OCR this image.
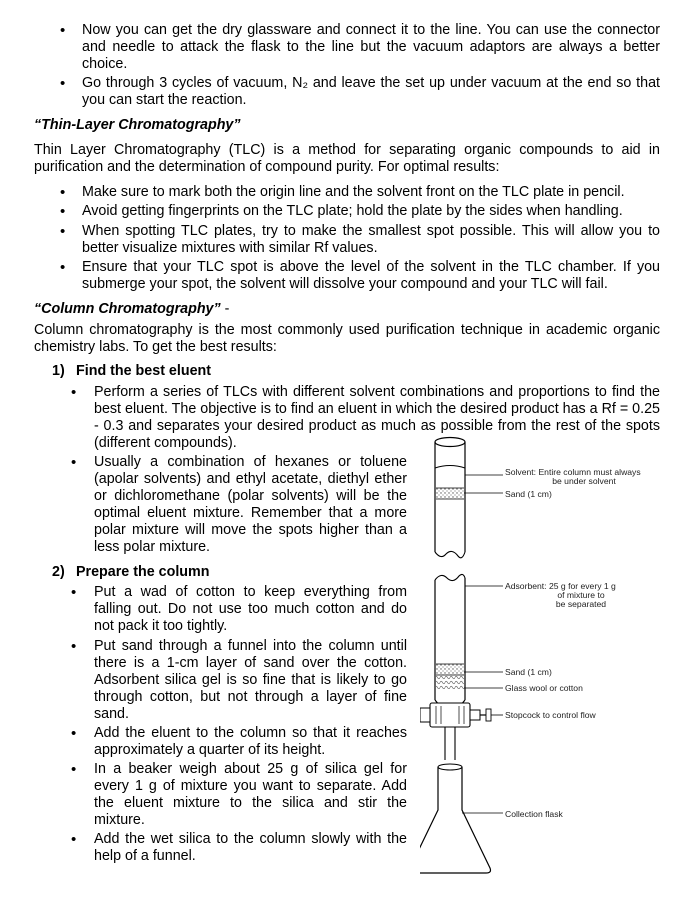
• Now you can get the dry glassware and connect it to the line. You can use the connector and needle to attack the flask to the line but the vacuum adaptors are always a better choice.

• Go through 3 cycles of vacuum, N₂ and leave the set up under vacuum at the end so that you can start the reaction.

“Thin-Layer Chromatography”

Thin Layer Chromatography (TLC) is a method for separating organic compounds to aid in purification and the determination of compound purity. For optimal results:

• Make sure to mark both the origin line and the solvent front on the TLC plate in pencil.

• Avoid getting fingerprints on the TLC plate; hold the plate by the sides when handling.

• When spotting TLC plates, try to make the smallest spot possible. This will allow you to better visualize mixtures with similar Rf values.

• Ensure that your TLC spot is above the level of the solvent in the TLC chamber. If you submerge your spot, the solvent will dissolve your compound and your TLC will fail.

“Column Chromatography” -

Column chromatography is the most commonly used purification technique in academic organic chemistry labs. To get the best results:

1) Find the best eluent
• Perform a series of TLCs with different solvent combinations and proportions to find the best eluent. The objective is to find an eluent in which the desired product has a Rf = 0.25 - 0.3 and separates your desired product as much as possible from the rest of the spots (different compounds).

• Usually a combination of hexanes or toluene (apolar solvents) and ethyl acetate, diethyl ether or dichloromethane (polar solvents) will be the optimal eluent mixture. Remember that a more polar mixture will move the spots higher than a less polar mixture.

2) Prepare the column
• Put a wad of cotton to keep everything from falling out. Do not use too much cotton and do not pack it too tightly.

• Put sand through a funnel into the column until there is a 1-cm layer of sand over the cotton. Adsorbent silica gel is so fine that is likely to go through cotton, but not through a layer of fine sand.

• Add the eluent to the column so that it reaches approximately a quarter of its height.

• In a beaker weigh about 25 g of silica gel for every 1 g of mixture you want to separate. Add the eluent mixture to the silica and stir the mixture.

• Add the wet silica to the column slowly with the help of a funnel.

Solvent: Entire column must always
be under solvent
Sand (1 cm)
Adsorbent: 25 g for every 1 g
of mixture to
be separated
Sand (1 cm)
Glass wool or cotton
Stopcock to control flow
Collection flask
